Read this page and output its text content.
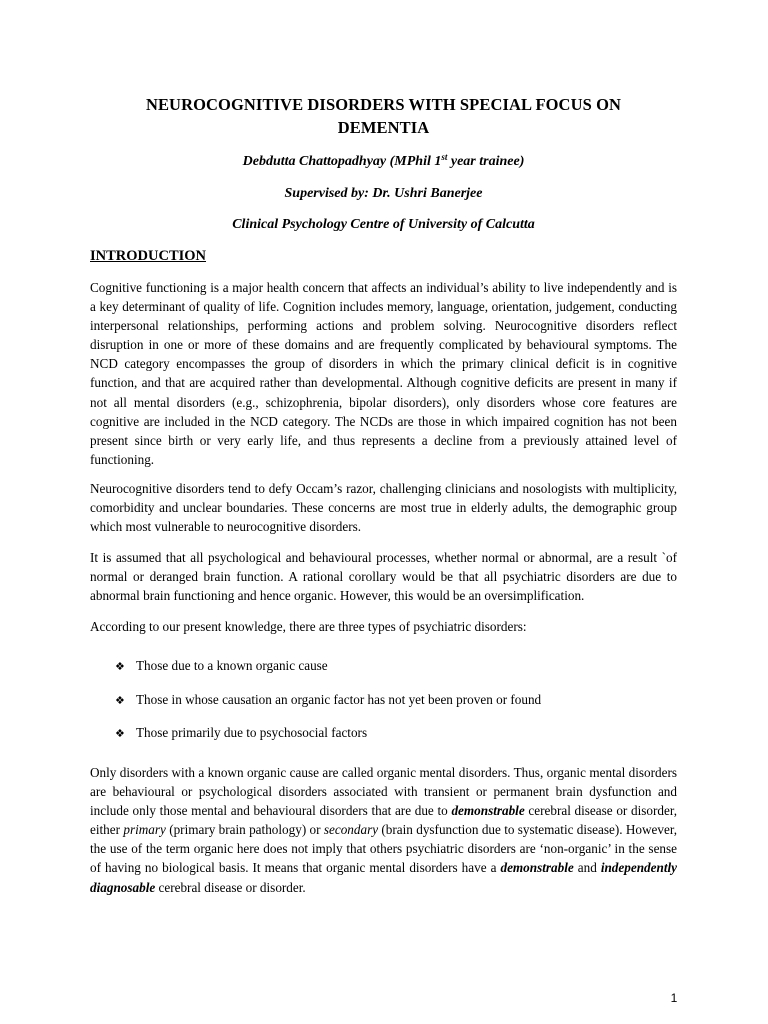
NEUROCOGNITIVE DISORDERS WITH SPECIAL FOCUS ON
DEMENTIA
Debdutta Chattopadhyay (MPhil 1st year trainee)
Supervised by: Dr. Ushri Banerjee
Clinical Psychology Centre of University of Calcutta
INTRODUCTION

Cognitive functioning is a major health concern that affects an individual’s ability to live independently and is a key determinant of quality of life. Cognition includes memory, language, orientation, judgement, conducting interpersonal relationships, performing actions and problem solving. Neurocognitive disorders reflect disruption in one or more of these domains and are frequently complicated by behavioural symptoms. The NCD category encompasses the group of disorders in which the primary clinical deficit is in cognitive function, and that are acquired rather than developmental. Although cognitive deficits are present in many if not all mental disorders (e.g., schizophrenia, bipolar disorders), only disorders whose core features are cognitive are included in the NCD category. The NCDs are those in which impaired cognition has not been present since birth or very early life, and thus represents a decline from a previously attained level of functioning.

Neurocognitive disorders tend to defy Occam’s razor, challenging clinicians and nosologists with multiplicity, comorbidity and unclear boundaries. These concerns are most true in elderly adults, the demographic group which most vulnerable to neurocognitive disorders.

It is assumed that all psychological and behavioural processes, whether normal or abnormal, are a result `of normal or deranged brain function. A rational corollary would be that all psychiatric disorders are due to abnormal brain functioning and hence organic. However, this would be an oversimplification.

According to our present knowledge, there are three types of psychiatric disorders:

❖ Those due to a known organic cause
❖ Those in whose causation an organic factor has not yet been proven or found
❖ Those primarily due to psychosocial factors

Only disorders with a known organic cause are called organic mental disorders. Thus, organic mental disorders are behavioural or psychological disorders associated with transient or permanent brain dysfunction and include only those mental and behavioural disorders that are due to demonstrable cerebral disease or disorder, either primary (primary brain pathology) or secondary (brain dysfunction due to systematic disease). However, the use of the term organic here does not imply that others psychiatric disorders are ‘non-organic’ in the sense of having no biological basis. It means that organic mental disorders have a demonstrable and independently diagnosable cerebral disease or disorder.

1
